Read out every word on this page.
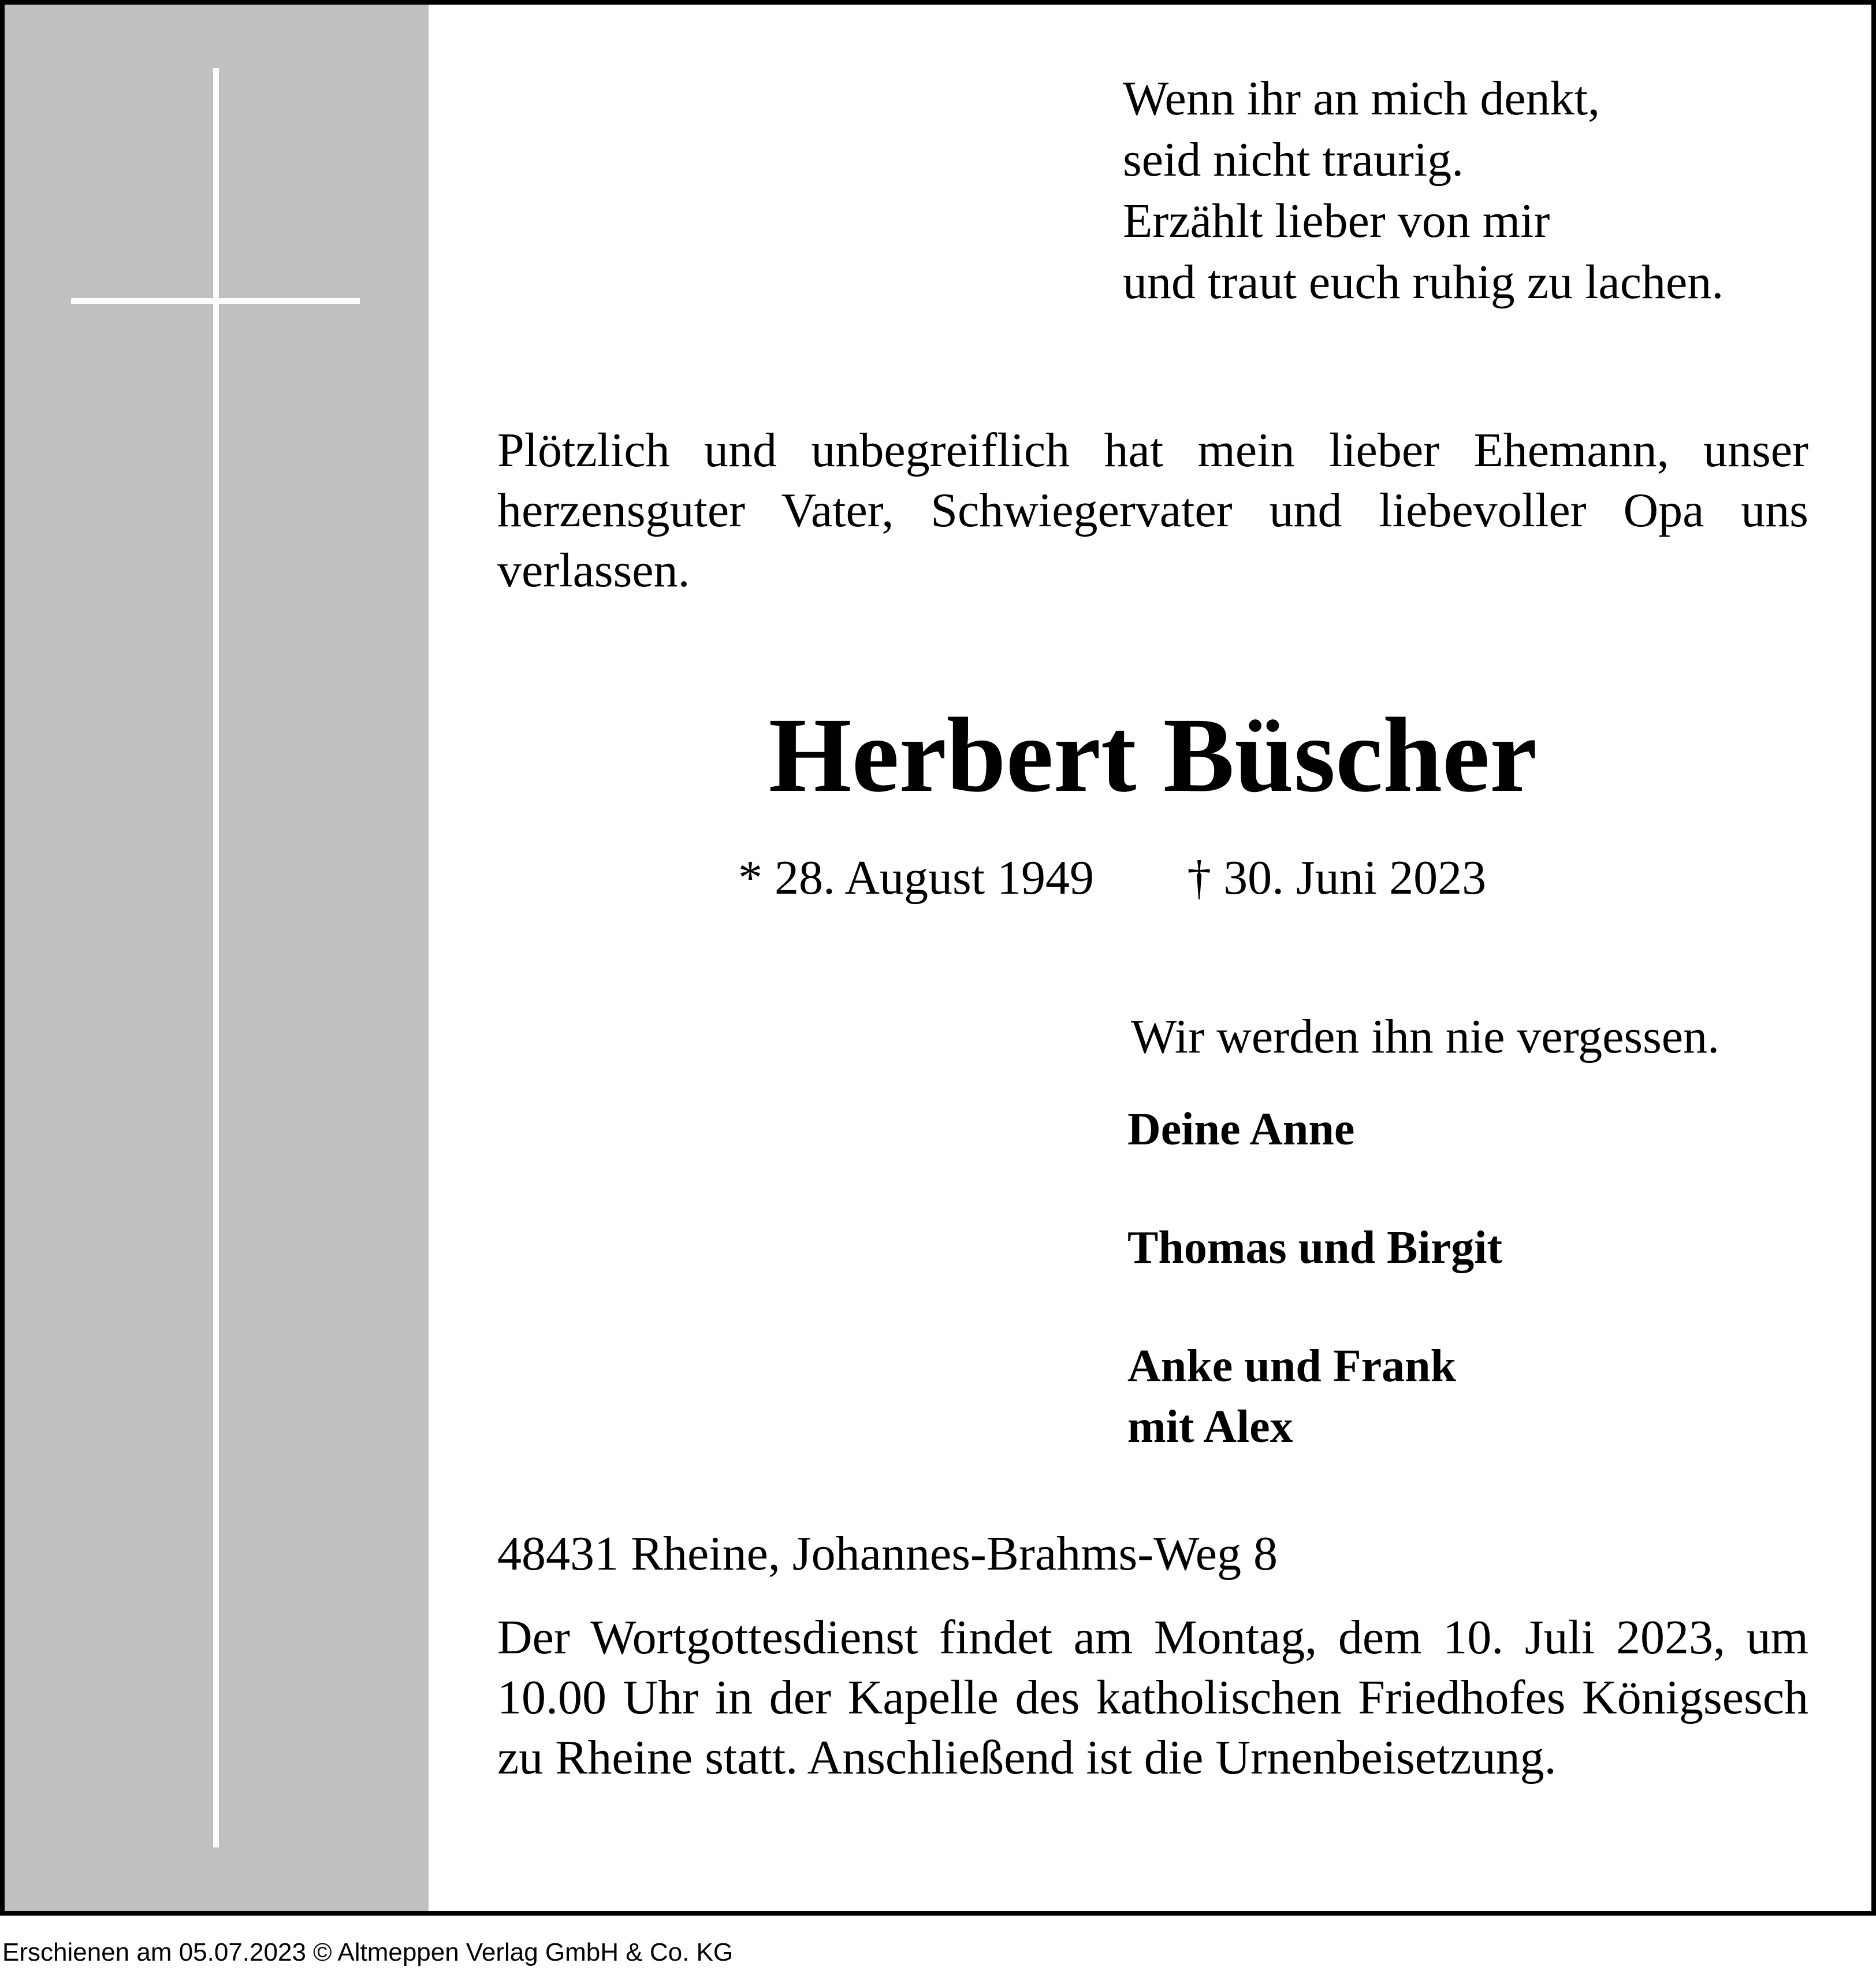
Wenn ihr an mich denkt,
seid nicht traurig.
Erzählt lieber von mir
und traut euch ruhig zu lachen.
Plötzlich und unbegreiflich hat mein lieber Ehemann, unser herzensguter Vater, Schwiegervater und liebevoller Opa uns verlassen.
Herbert Büscher
* 28. August 1949 † 30. Juni 2023
Wir werden ihn nie vergessen.
Deine Anne
Thomas und Birgit
Anke und Frank
mit Alex
48431 Rheine, Johannes-Brahms-Weg 8
Der Wortgottesdienst findet am Montag, dem 10. Juli 2023, um 10.00 Uhr in der Kapelle des katholischen Friedhofes Königsesch zu Rheine statt. Anschließend ist die Urnenbeisetzung.
Erschienen am 05.07.2023 © Altmeppen Verlag GmbH & Co. KG
